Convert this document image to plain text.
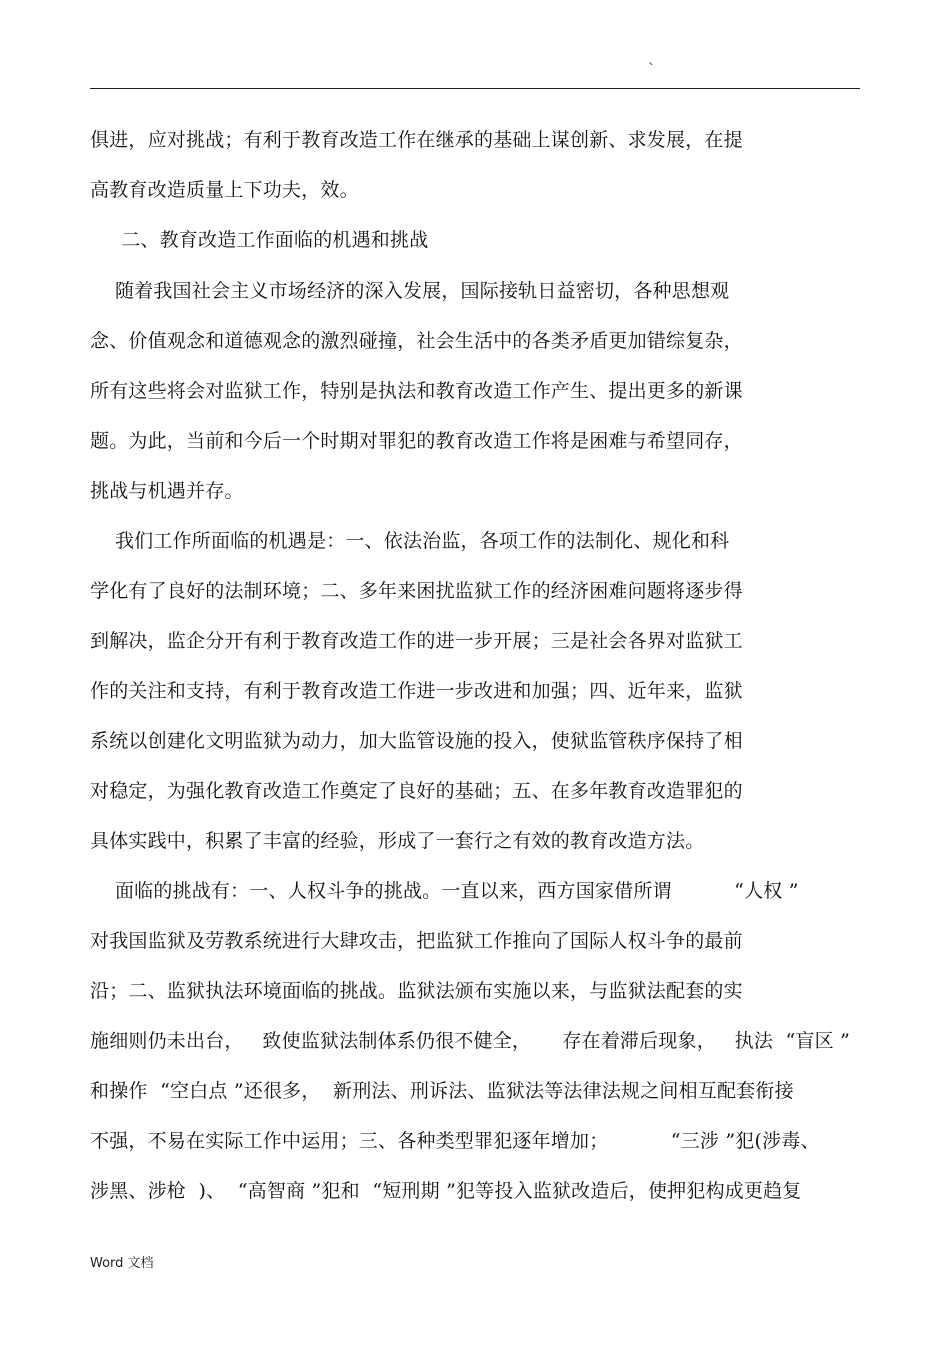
`
俱进，应对挑战；有利于教育改造工作在继承的基础上谋创新、求发展，在提
高教育改造质量上下功夫，效。
二、教育改造工作面临的机遇和挑战
随着我国社会主义市场经济的深入发展，国际接轨日益密切，各种思想观
念、价值观念和道德观念的激烈碰撞，社会生活中的各类矛盾更加错综复杂，
所有这些将会对监狱工作，特别是执法和教育改造工作产生、提出更多的新课
题。为此，当前和今后一个时期对罪犯的教育改造工作将是困难与希望同存，
挑战与机遇并存。
我们工作所面临的机遇是：一、依法治监，各项工作的法制化、规化和科
学化有了良好的法制环境；二、多年来困扰监狱工作的经济困难问题将逐步得
到解决，监企分开有利于教育改造工作的进一步开展；三是社会各界对监狱工
作的关注和支持，有利于教育改造工作进一步改进和加强；四、近年来，监狱
系统以创建化文明监狱为动力，加大监管设施的投入，使狱监管秩序保持了相
对稳定，为强化教育改造工作奠定了良好的基础；五、在多年教育改造罪犯的
具体实践中，积累了丰富的经验，形成了一套行之有效的教育改造方法。
面临的挑战有：一、人权斗争的挑战。一直以来，西方国家借所谓          “人权 ”
对我国监狱及劳教系统进行大肆攻击，把监狱工作推向了国际人权斗争的最前
沿；二、监狱执法环境面临的挑战。监狱法颁布实施以来，与监狱法配套的实
施细则仍未出台，   致使监狱法制体系仍很不健全，     存在着滞后现象，   执法  “盲区 ”
和操作  “空白点 ”还很多，  新刑法、刑诉法、监狱法等法律法规之间相互配套衔接
不强，不易在实际工作中运用；三、各种类型罪犯逐年增加；          “三涉 ”犯(涉毒、
涉黑、涉枪  )、  “高智商 ”犯和  “短刑期 ”犯等投入监狱改造后，使押犯构成更趋复
Word 文档
